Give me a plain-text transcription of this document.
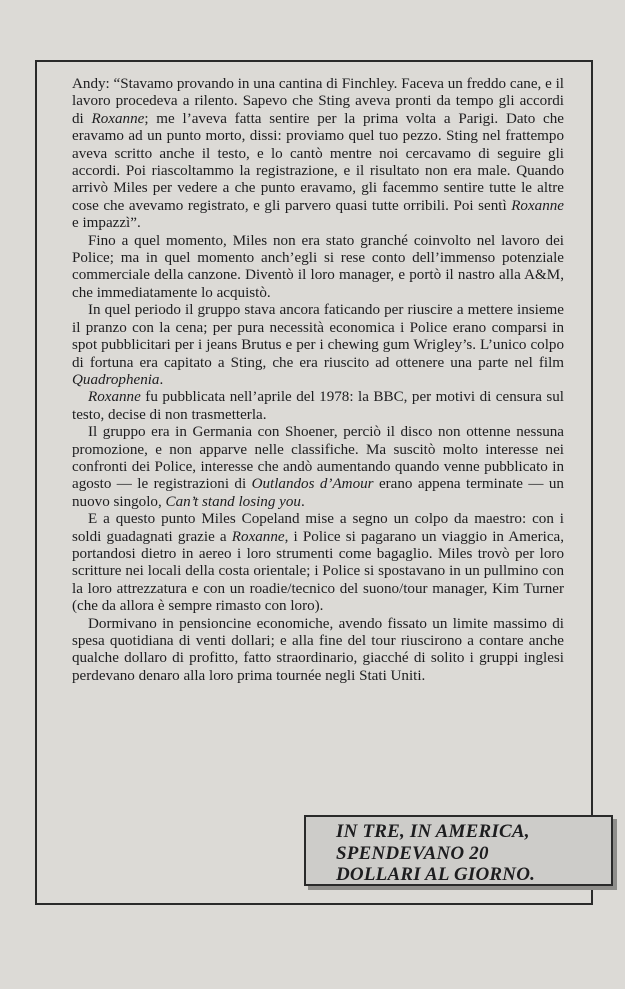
Andy: “Stavamo provando in una cantina di Finchley. Faceva un freddo cane, e il lavoro procedeva a rilento. Sapevo che Sting aveva pronti da tempo gli accordi di Roxanne; me l’aveva fatta sentire per la prima volta a Parigi. Dato che eravamo ad un punto morto, dissi: proviamo quel tuo pezzo. Sting nel frattempo aveva scritto anche il testo, e lo cantò mentre noi cercavamo di seguire gli accordi. Poi riascoltammo la registrazione, e il risultato non era male. Quando arrivò Miles per vedere a che punto eravamo, gli facemmo sentire tutte le altre cose che avevamo registrato, e gli parvero quasi tutte orribili. Poi sentì Roxanne e impazzì”.

Fino a quel momento, Miles non era stato granché coinvolto nel lavoro dei Police; ma in quel momento anch’egli si rese conto dell’immenso potenziale commerciale della canzone. Diventò il loro manager, e portò il nastro alla A&M, che immediatamente lo acquistò.

In quel periodo il gruppo stava ancora faticando per riuscire a mettere insieme il pranzo con la cena; per pura necessità economica i Police erano comparsi in spot pubblicitari per i jeans Brutus e per i chewing gum Wrigley’s. L’unico colpo di fortuna era capitato a Sting, che era riuscito ad ottenere una parte nel film Quadrophenia.

Roxanne fu pubblicata nell’aprile del 1978: la BBC, per motivi di censura sul testo, decise di non trasmetterla.

Il gruppo era in Germania con Shoener, perciò il disco non ottenne nessuna promozione, e non apparve nelle classifiche. Ma suscitò molto interesse nei confronti dei Police, interesse che andò aumentando quando venne pubblicato in agosto — le registrazioni di Outlandos d’Amour erano appena terminate — un nuovo singolo, Can’t stand losing you.

E a questo punto Miles Copeland mise a segno un colpo da maestro: con i soldi guadagnati grazie a Roxanne, i Police si pagarano un viaggio in America, portandosi dietro in aereo i loro strumenti come bagaglio. Miles trovò per loro scritture nei locali della costa orientale; i Police si spostavano in un pullmino con la loro attrezzatura e con un roadie/tecnico del suono/tour manager, Kim Turner (che da allora è sempre rimasto con loro).

Dormivano in pensioncine economiche, avendo fissato un limite massimo di spesa quotidiana di venti dollari; e alla fine del tour riuscirono a contare anche qualche dollaro di profitto, fatto straordinario, giacché di solito i gruppi inglesi perdevano denaro alla loro prima tournée negli Stati Uniti.

IN TRE, IN AMERICA,
SPENDEVANO 20
DOLLARI AL GIORNO.
